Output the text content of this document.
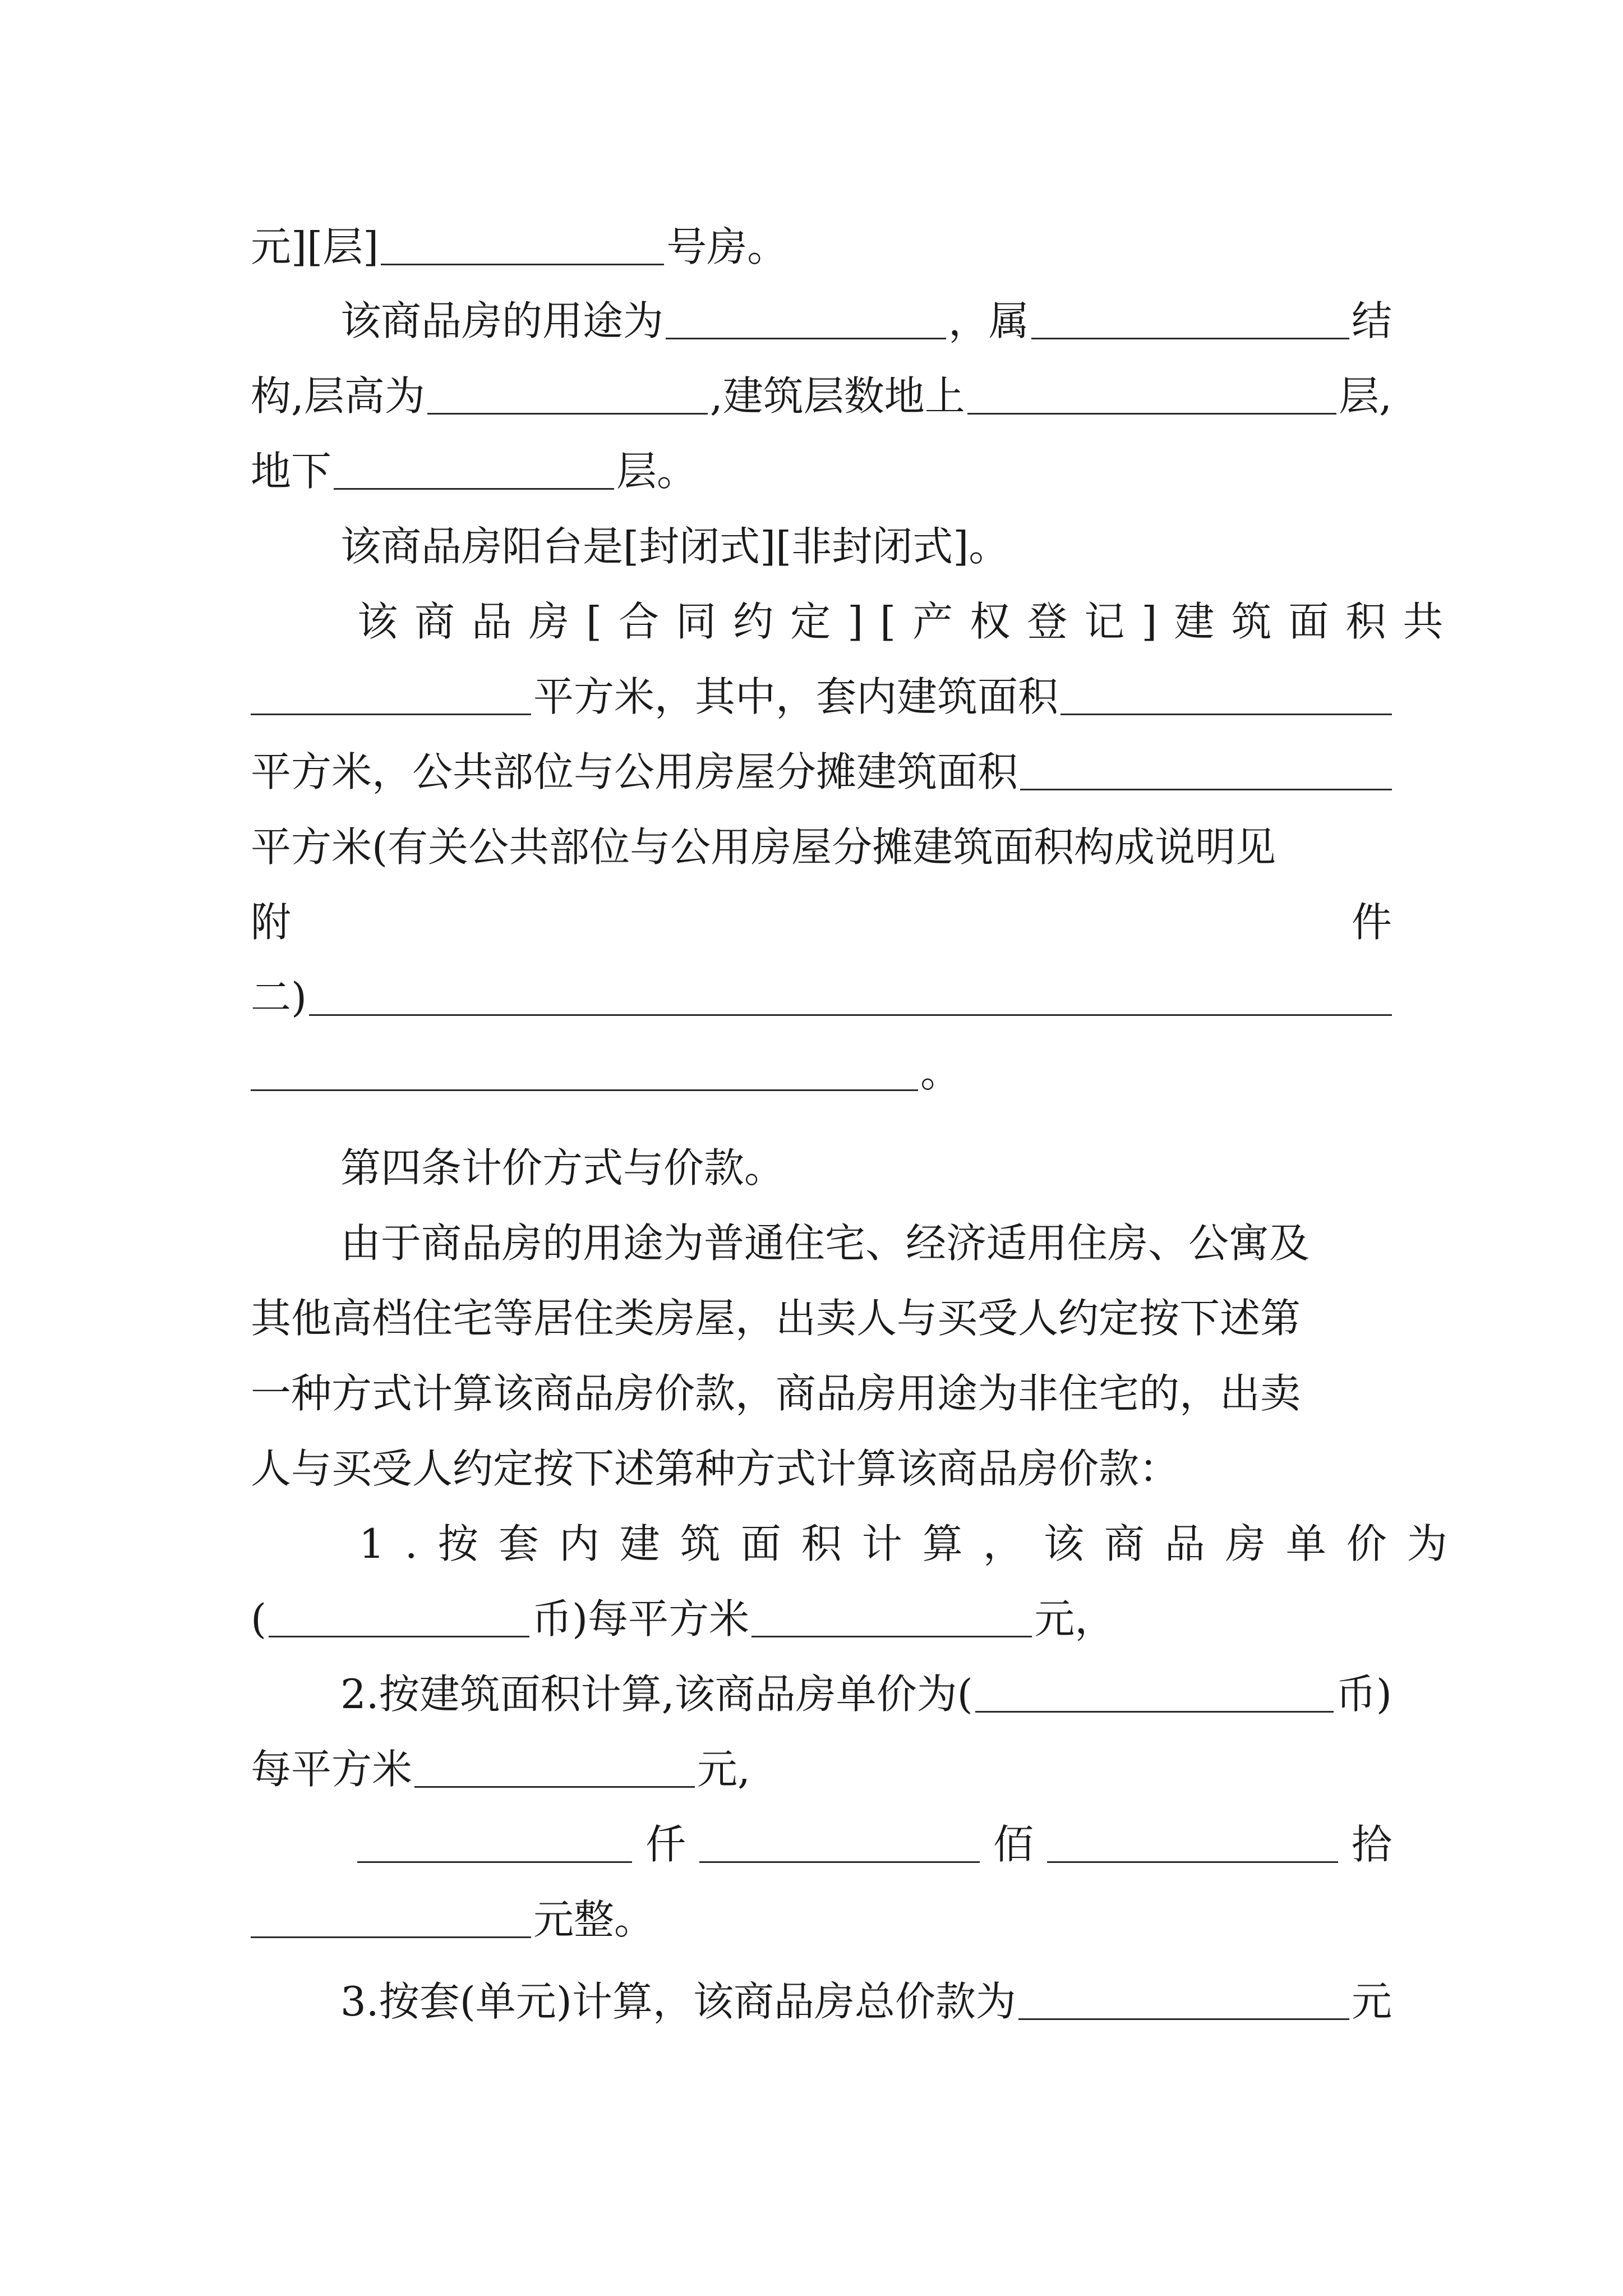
元][层]	号房。
该商品房的用途为	，属	结
构,层高为	,建筑层数地上	层,
地下	层。
该商品房阳台是[封闭式][非封闭式]。
该商品房[合同约定][产权登记]建筑面积共
平方米，其中，套内建筑面积
平方米，公共部位与公用房屋分摊建筑面积
平方米(有关公共部位与公用房屋分摊建筑面积构成说明见
附	件
二)
。
第四条计价方式与价款。
由于商品房的用途为普通住宅、经济适用住房、公寓及
其他高档住宅等居住类房屋，出卖人与买受人约定按下述第
一种方式计算该商品房价款，商品房用途为非住宅的，出卖
人与买受人约定按下述第种方式计算该商品房价款：
1.按套内建筑面积计算，该商品房单价为
(	币)每平方米	元，
2.按建筑面积计算,该商品房单价为(	币)
每平方米	元,
仟	佰	拾
元整。
3.按套(单元)计算，该商品房总价款为	元
